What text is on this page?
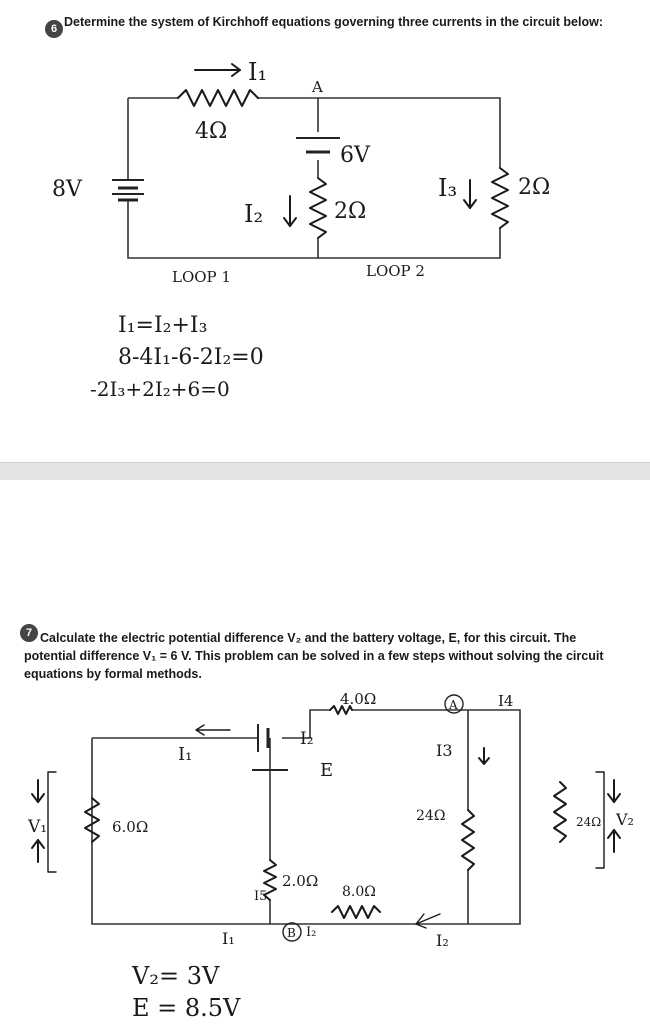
6 Determine the system of Kirchhoff equations governing three currents in the circuit below:
8V
4Ω
I₁
A
6V
2Ω
I₂
I₃	2Ω
LOOP 1	LOOP 2
I₁=I₂+I₃
8-4I₁-6-2I₂=0
-2I₃+2I₂+6=0
7 Calculate the electric potential difference V₂ and the battery voltage, E, for this circuit. The
potential difference V₁ = 6 V. This problem can be solved in a few steps without solving the circuit
equations by formal methods.
4.0Ω	A	I4
I₁
I₂
E
I3
24Ω	24Ω V₂
V₁	6.0Ω
2.0Ω
I5	8.0Ω
B I₂	I₂
I₁
V₂= 3V
E = 8.5V
